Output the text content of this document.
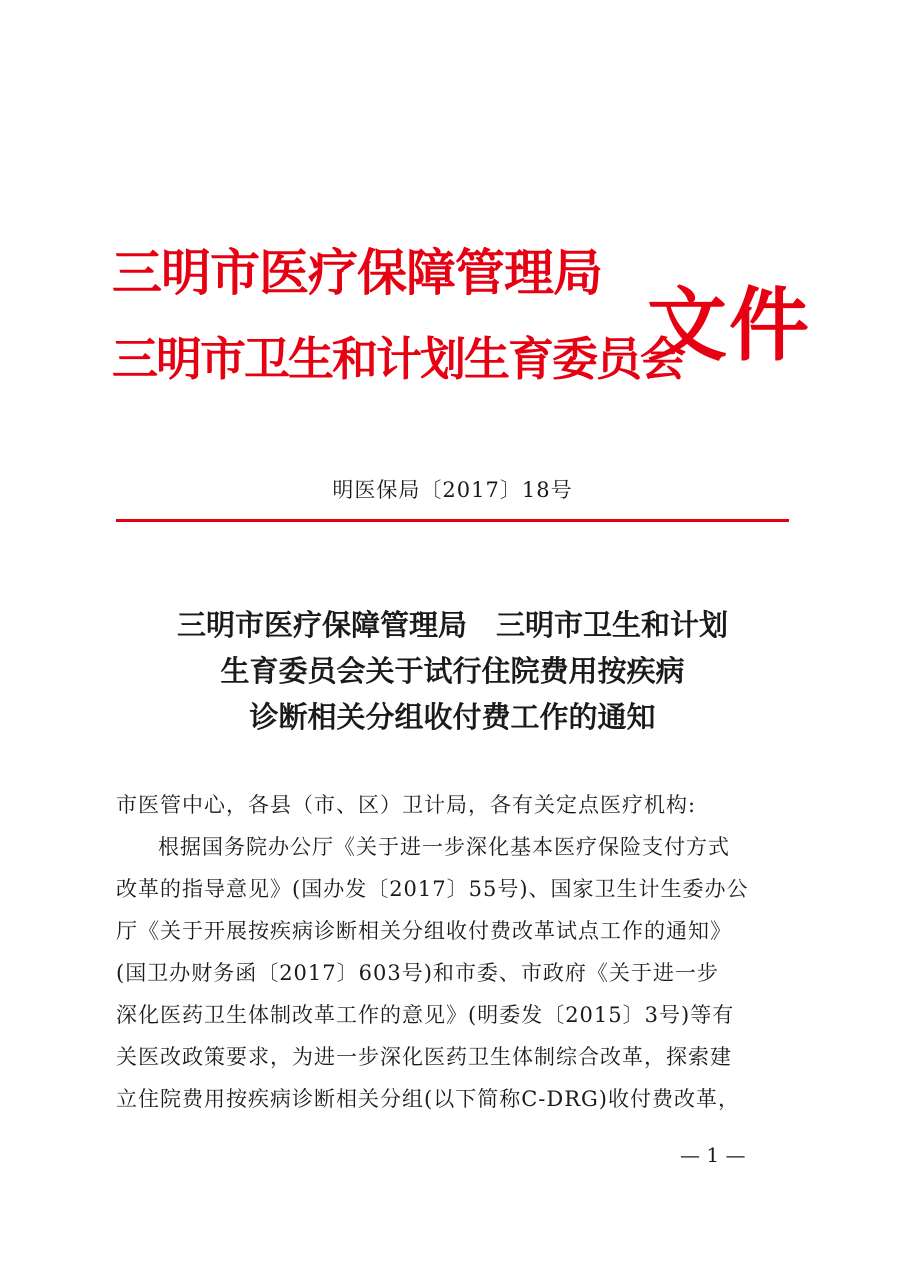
三明市医疗保障管理局
三明市卫生和计划生育委员会
文件
明医保局〔2017〕18号
三明市医疗保障管理局　三明市卫生和计划
生育委员会关于试行住院费用按疾病
诊断相关分组收付费工作的通知
市医管中心，各县（市、区）卫计局，各有关定点医疗机构:
根据国务院办公厅《关于进一步深化基本医疗保险支付方式
改革的指导意见》(国办发〔2017〕55号)、国家卫生计生委办公
厅《关于开展按疾病诊断相关分组收付费改革试点工作的通知》
(国卫办财务函〔2017〕603号)和市委、市政府《关于进一步
深化医药卫生体制改革工作的意见》(明委发〔2015〕3号)等有
关医改政策要求，为进一步深化医药卫生体制综合改革，探索建
立住院费用按疾病诊断相关分组(以下简称C-DRG)收付费改革，
— 1 —
